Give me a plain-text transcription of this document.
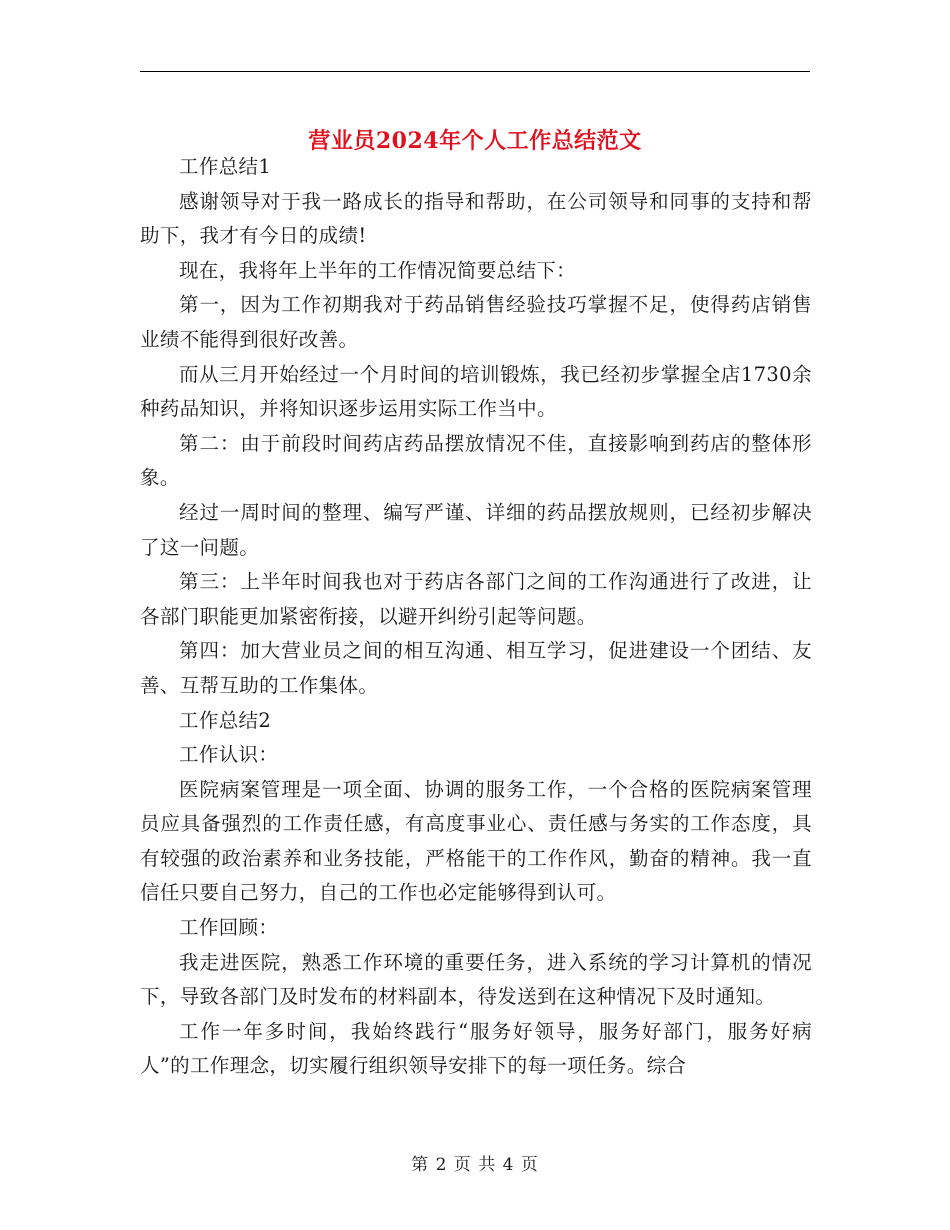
营业员2024年个人工作总结范文

工作总结1

感谢领导对于我一路成长的指导和帮助，在公司领导和同事的支持和帮助下，我才有今日的成绩!

现在，我将年上半年的工作情况简要总结下：

第一，因为工作初期我对于药品销售经验技巧掌握不足，使得药店销售业绩不能得到很好改善。

而从三月开始经过一个月时间的培训锻炼，我已经初步掌握全店1730余种药品知识，并将知识逐步运用实际工作当中。

第二：由于前段时间药店药品摆放情况不佳，直接影响到药店的整体形象。

经过一周时间的整理、编写严谨、详细的药品摆放规则，已经初步解决了这一问题。

第三：上半年时间我也对于药店各部门之间的工作沟通进行了改进，让各部门职能更加紧密衔接，以避开纠纷引起等问题。

第四：加大营业员之间的相互沟通、相互学习，促进建设一个团结、友善、互帮互助的工作集体。

工作总结2

工作认识：

医院病案管理是一项全面、协调的服务工作，一个合格的医院病案管理员应具备强烈的工作责任感，有高度事业心、责任感与务实的工作态度，具有较强的政治素养和业务技能，严格能干的工作作风，勤奋的精神。我一直信任只要自己努力，自己的工作也必定能够得到认可。

工作回顾：

我走进医院，熟悉工作环境的重要任务，进入系统的学习计算机的情况下，导致各部门及时发布的材料副本，待发送到在这种情况下及时通知。

工作一年多时间，我始终践行“服务好领导，服务好部门，服务好病人”的工作理念，切实履行组织领导安排下的每一项任务。综合

第 2 页 共 4 页
